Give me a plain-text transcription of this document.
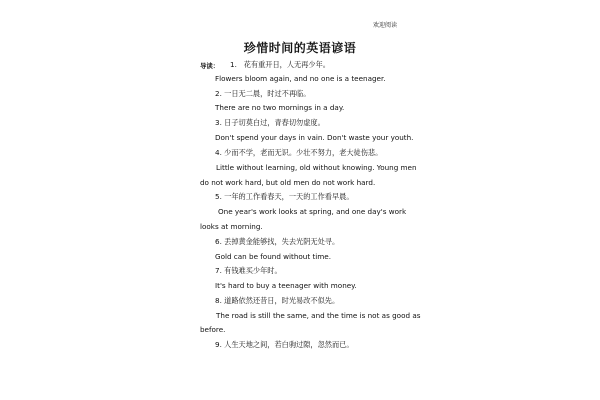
欢迎阅读
珍惜时间的英语谚语
导读： 1. 花有重开日，人无再少年。
Flowers bloom again, and no one is a teenager.
2. 一日无二晨，时过不再临。
There are no two mornings in a day.
3. 日子切莫白过，青春切勿虚度。
Don't spend your days in vain. Don't waste your youth.
4. 少而不学，老而无识。少壮不努力，老大徒伤悲。
Little without learning, old without knowing. Young men
do not work hard, but old men do not work hard.
5. 一年的工作看春天，一天的工作看早晨。
One year's work looks at spring, and one day's work
looks at morning.
6. 丢掉黄金能够找，失去光阴无处寻。
Gold can be found without time.
7. 有钱难买少年时。
It's hard to buy a teenager with money.
8. 道路依然还昔日，时光易改不似先。
The road is still the same, and the time is not as good as
before.
9. 人生天地之间，若白驹过隙，忽然而已。
